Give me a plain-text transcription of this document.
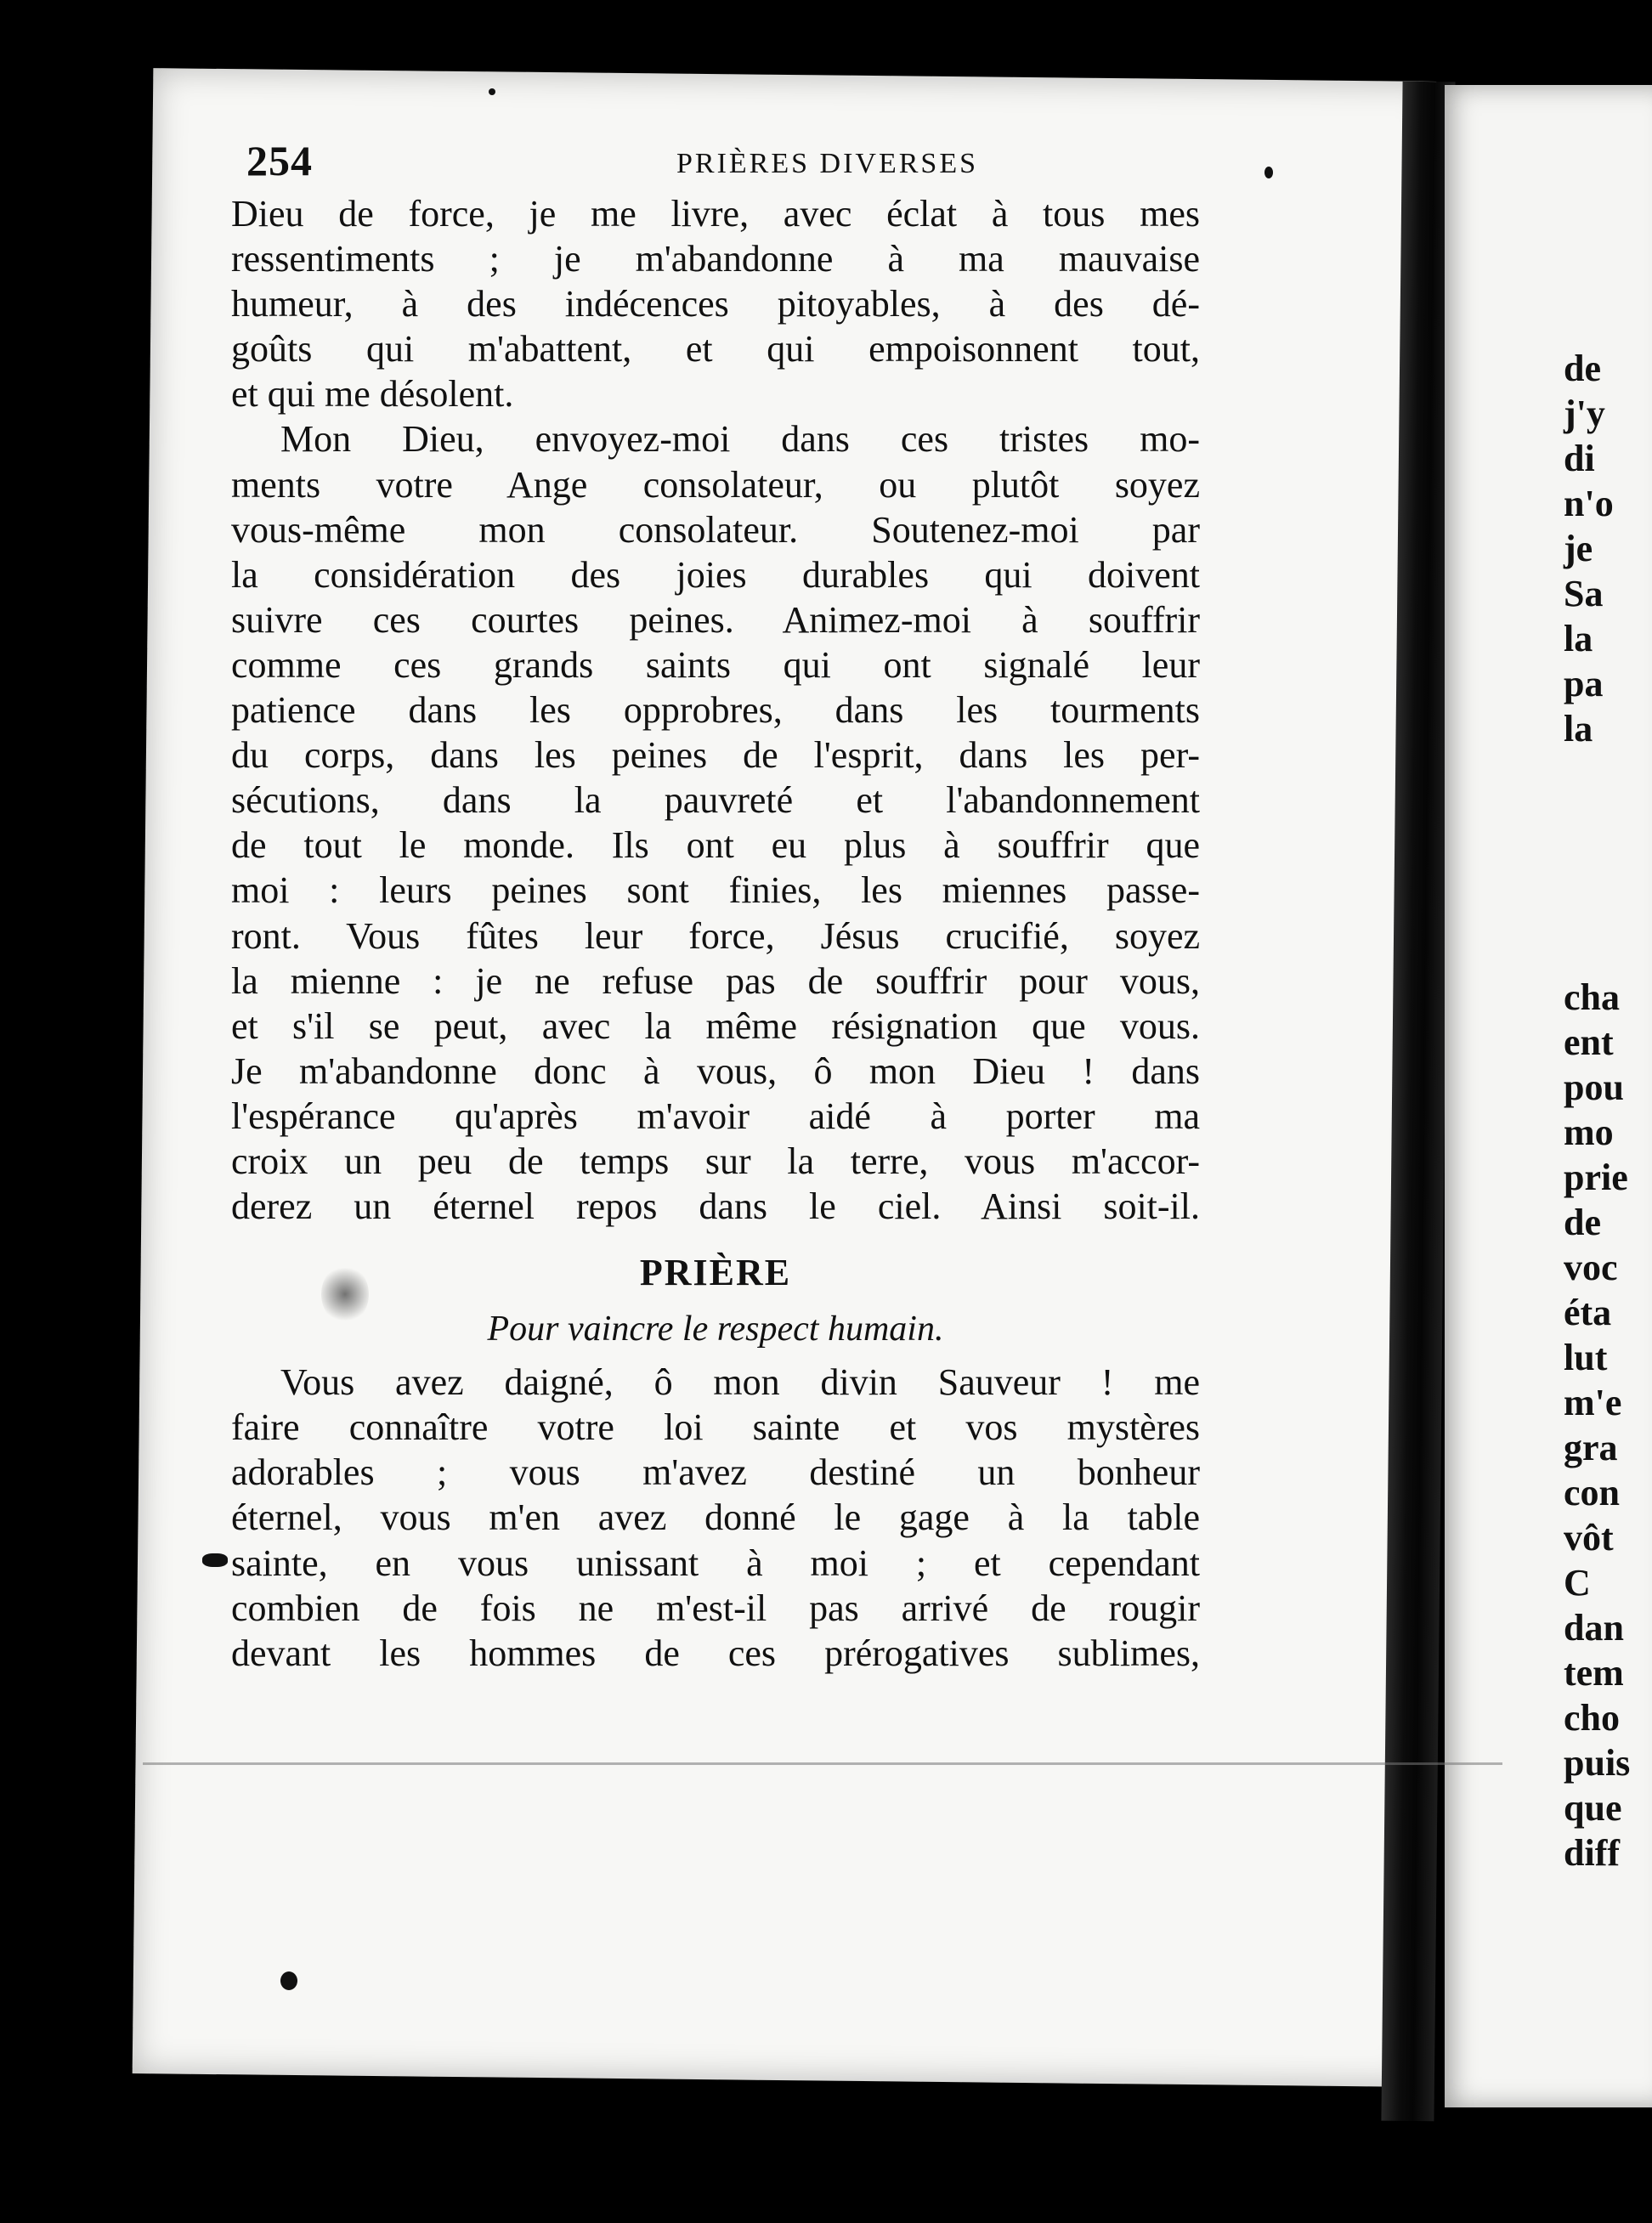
de
j'y
di
n'o
je
Sa
la
pa
la
cha
ent
pou
mo
prie
de
voc
éta
lut
m'e
gra
con
vôt
C
dan
tem
cho
puis
que
diff
254	PRIÈRES DIVERSES
Dieu de force, je me livre, avec éclat à tous mes
ressentiments ; je m'abandonne à ma mauvaise
humeur, à des indécences pitoyables, à des dé-
goûts qui m'abattent, et qui empoisonnent tout,
et qui me désolent.
Mon Dieu, envoyez-moi dans ces tristes mo-
ments votre Ange consolateur, ou plutôt soyez
vous-même mon consolateur. Soutenez-moi par
la considération des joies durables qui doivent
suivre ces courtes peines. Animez-moi à souffrir
comme ces grands saints qui ont signalé leur
patience dans les opprobres, dans les tourments
du corps, dans les peines de l'esprit, dans les per-
sécutions, dans la pauvreté et l'abandonnement
de tout le monde. Ils ont eu plus à souffrir que
moi : leurs peines sont finies, les miennes passe-
ront. Vous fûtes leur force, Jésus crucifié, soyez
la mienne : je ne refuse pas de souffrir pour vous,
et s'il se peut, avec la même résignation que vous.
Je m'abandonne donc à vous, ô mon Dieu ! dans
l'espérance qu'après m'avoir aidé à porter ma
croix un peu de temps sur la terre, vous m'accor-
derez un éternel repos dans le ciel. Ainsi soit-il.
PRIÈRE
Pour vaincre le respect humain.
Vous avez daigné, ô mon divin Sauveur ! me
faire connaître votre loi sainte et vos mystères
adorables ; vous m'avez destiné un bonheur
éternel, vous m'en avez donné le gage à la table
sainte, en vous unissant à moi ; et cependant
combien de fois ne m'est-il pas arrivé de rougir
devant les hommes de ces prérogatives sublimes,
